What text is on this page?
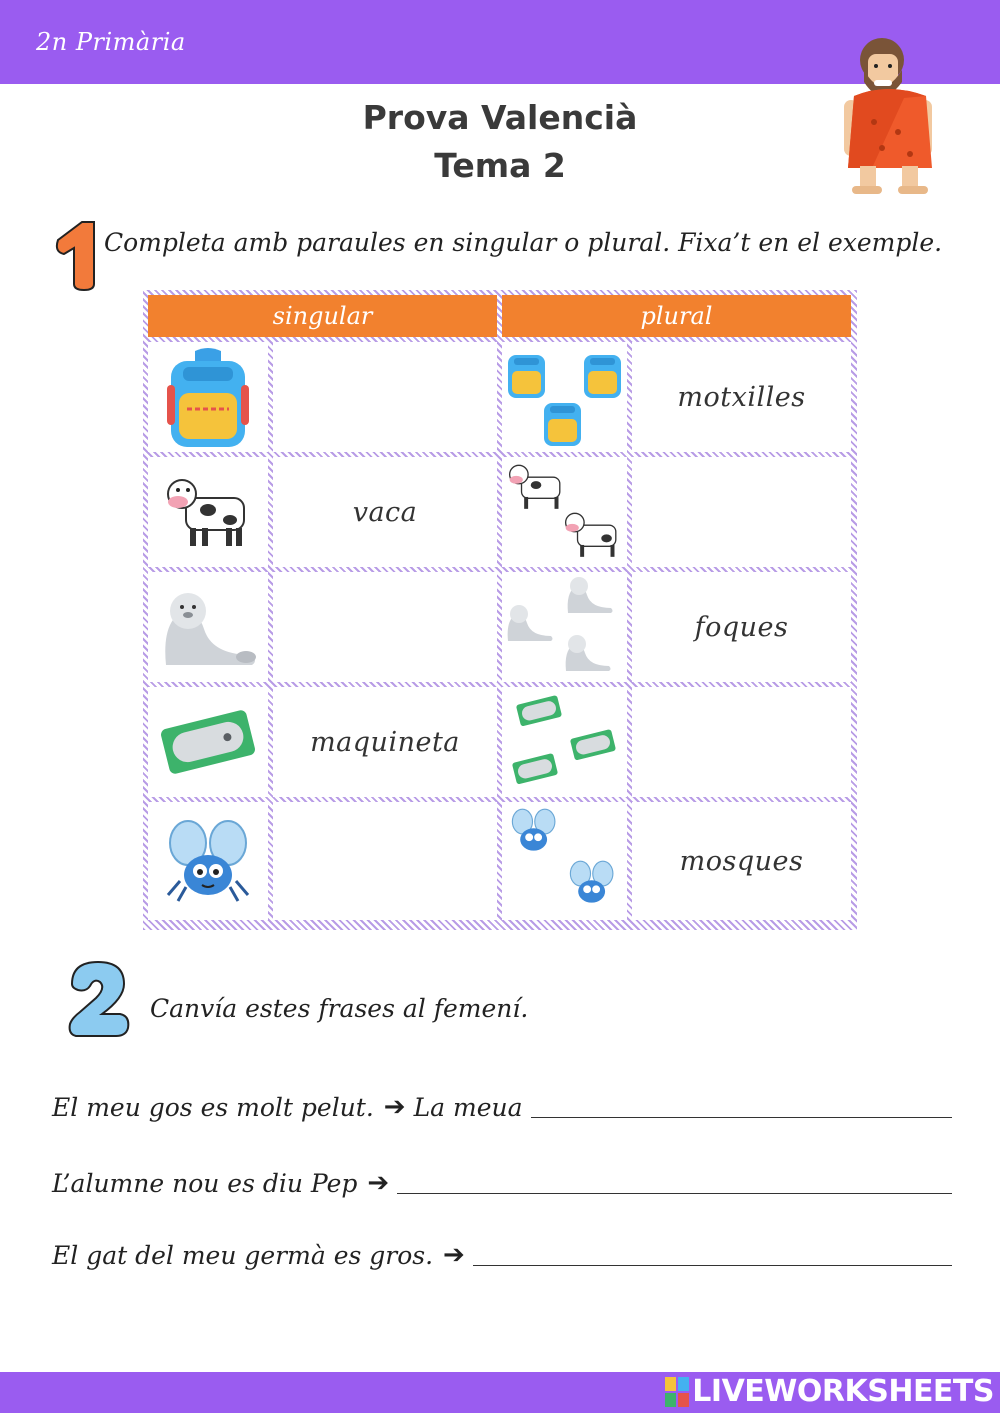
2n Primària
Prova Valencià
Tema 2
Completa amb paraules en singular o plural. Fixa’t en el exemple.
singular	plural
motxilles
vaca
foques
maquineta
mosques
Canvía estes frases al femení.
El meu gos es molt pelut. ➔ La meua
L’alumne nou es diu Pep ➔
El gat del meu germà es gros. ➔
LIVEWORKSHEETS
